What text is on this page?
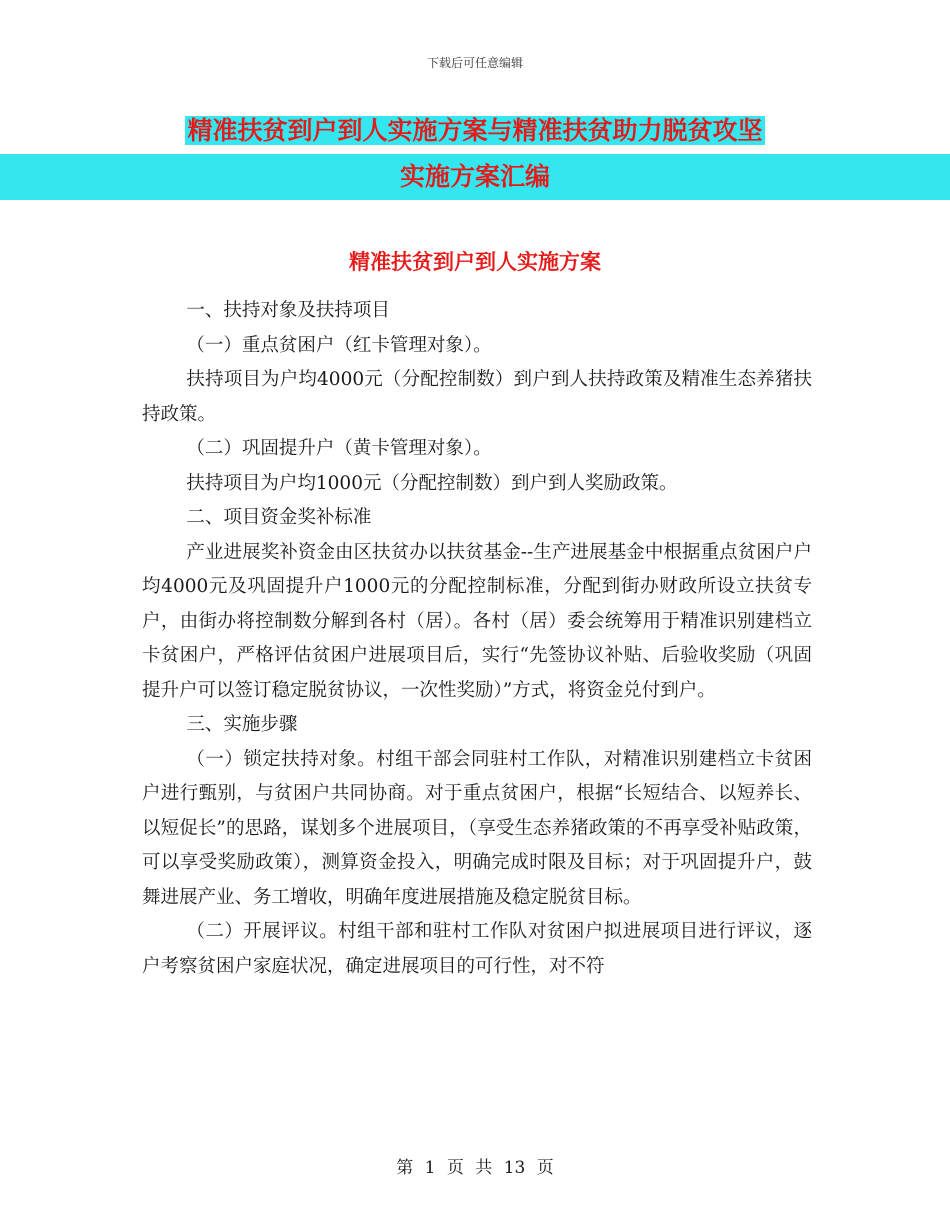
下载后可任意编辑
精准扶贫到户到人实施方案与精准扶贫助力脱贫攻坚
实施方案汇编
精准扶贫到户到人实施方案

一、扶持对象及扶持项目

（一）重点贫困户（红卡管理对象）。

扶持项目为户均4000元（分配控制数）到户到人扶持政策及精准生态养猪扶持政策。

（二）巩固提升户（黄卡管理对象）。

扶持项目为户均1000元（分配控制数）到户到人奖励政策。

二、项目资金奖补标准

产业进展奖补资金由区扶贫办以扶贫基金--生产进展基金中根据重点贫困户户均4000元及巩固提升户1000元的分配控制标准，分配到街办财政所设立扶贫专户，由街办将控制数分解到各村（居）。各村（居）委会统筹用于精准识别建档立卡贫困户，严格评估贫困户进展项目后，实行“先签协议补贴、后验收奖励（巩固提升户可以签订稳定脱贫协议，一次性奖励）”方式，将资金兑付到户。

三、实施步骤

（一）锁定扶持对象。村组干部会同驻村工作队，对精准识别建档立卡贫困户进行甄别，与贫困户共同协商。对于重点贫困户，根据“长短结合、以短养长、以短促长”的思路，谋划多个进展项目，（享受生态养猪政策的不再享受补贴政策，可以享受奖励政策），测算资金投入，明确完成时限及目标；对于巩固提升户，鼓舞进展产业、务工增收，明确年度进展措施及稳定脱贫目标。

（二）开展评议。村组干部和驻村工作队对贫困户拟进展项目进行评议，逐户考察贫困户家庭状况，确定进展项目的可行性，对不符

第 1 页 共 13 页
